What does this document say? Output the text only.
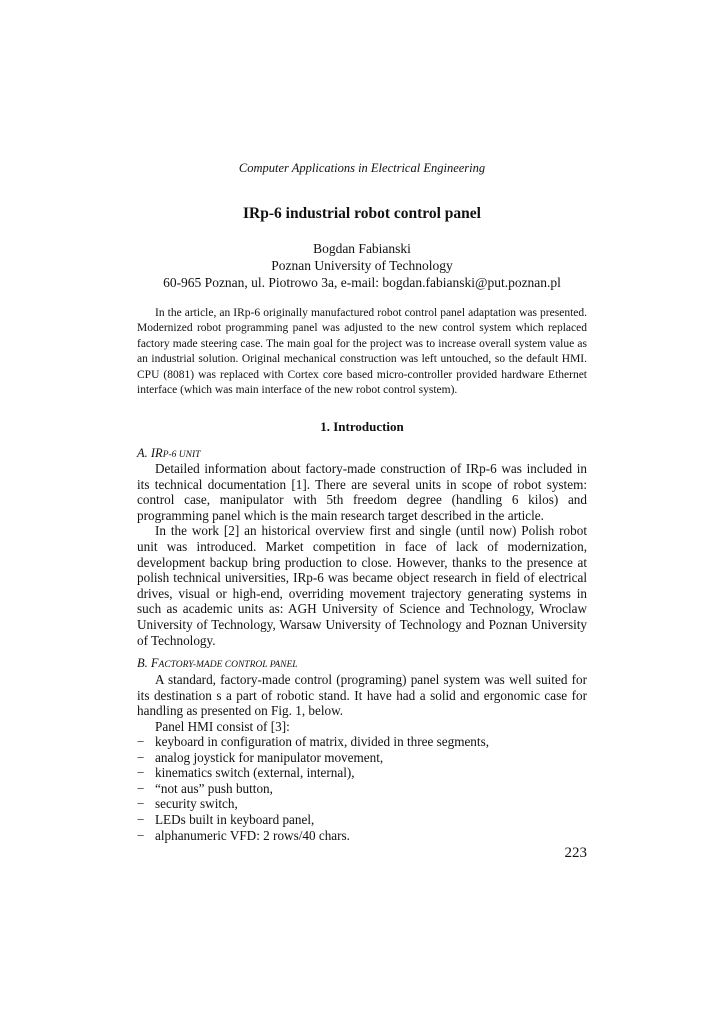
Computer Applications in Electrical Engineering
IRp-6 industrial robot control panel
Bogdan Fabianski
Poznan University of Technology
60-965 Poznan, ul. Piotrowo 3a, e-mail: bogdan.fabianski@put.poznan.pl
In the article, an IRp-6 originally manufactured robot control panel adaptation was presented. Modernized robot programming panel was adjusted to the new control system which replaced factory made steering case. The main goal for the project was to increase overall system value as an industrial solution. Original mechanical construction was left untouched, so the default HMI. CPU (8081) was replaced with Cortex core based micro-controller provided hardware Ethernet interface (which was main interface of the new robot control system).
1. Introduction
A. IRP-6 UNIT

Detailed information about factory-made construction of IRp-6 was included in its technical documentation [1]. There are several units in scope of robot system: control case, manipulator with 5th freedom degree (handling 6 kilos) and programming panel which is the main research target described in the article.

In the work [2] an historical overview first and single (until now) Polish robot unit was introduced. Market competition in face of lack of modernization, development backup bring production to close. However, thanks to the presence at polish technical universities, IRp-6 was became object research in field of electrical drives, visual or high-end, overriding movement trajectory generating systems in such as academic units as: AGH University of Science and Technology, Wroclaw University of Technology, Warsaw University of Technology and Poznan University of Technology.

B. FACTORY-MADE CONTROL PANEL

A standard, factory-made control (programing) panel system was well suited for its destination s a part of robotic stand. It have had a solid and ergonomic case for handling as presented on Fig. 1, below.

Panel HMI consist of [3]:

− keyboard in configuration of matrix, divided in three segments,
− analog joystick for manipulator movement,
− kinematics switch (external, internal),
− “not aus” push button,
− security switch,
− LEDs built in keyboard panel,
− alphanumeric VFD: 2 rows/40 chars.
223
